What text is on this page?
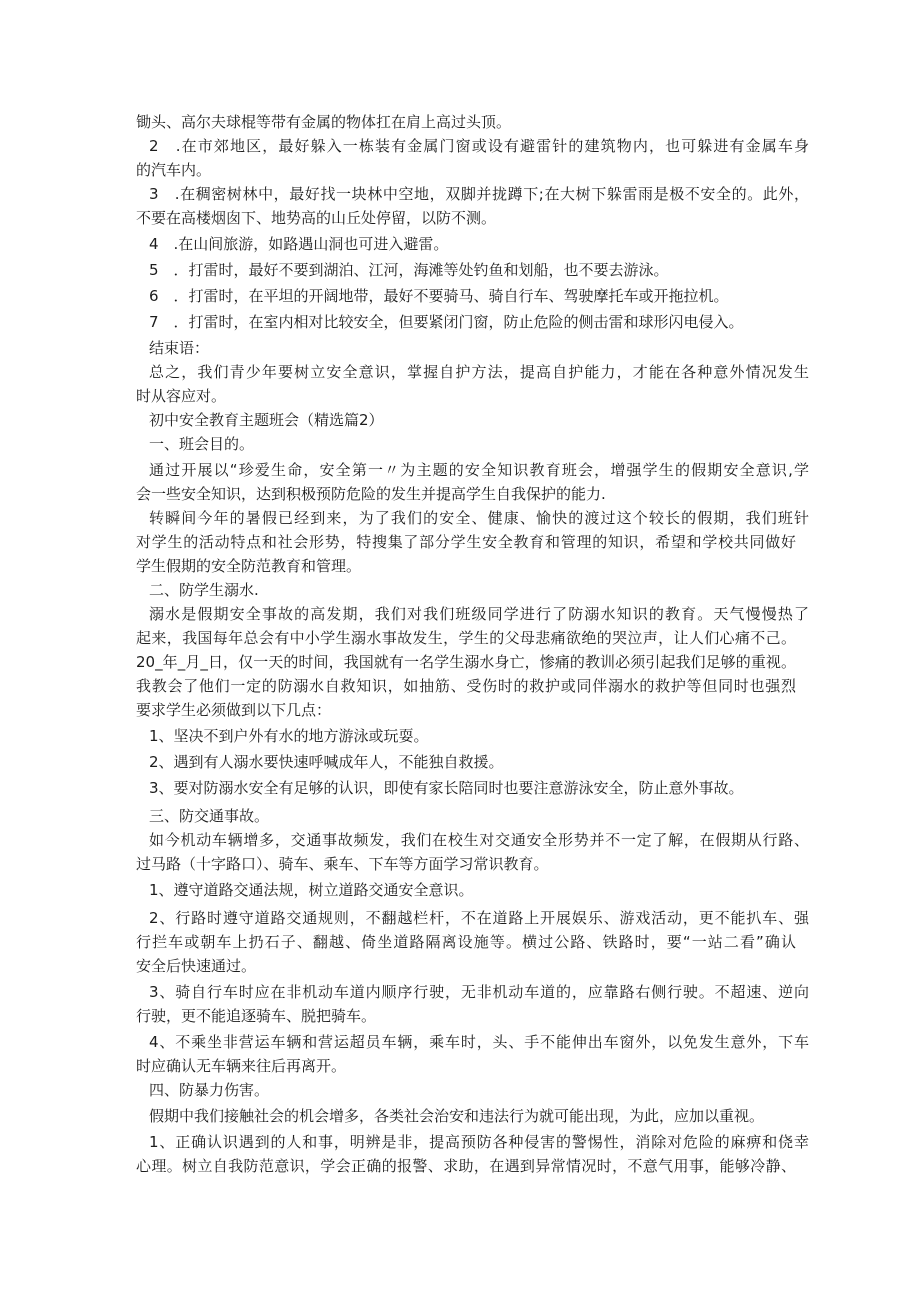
锄头、高尔夫球棍等带有金属的物体扛在肩上高过头顶。

2　.在市郊地区，最好躲入一栋装有金属门窗或设有避雷针的建筑物内，也可躲进有金属车身

的汽车内。

3　.在稠密树林中，最好找一块林中空地，双脚并拢蹲下;在大树下躲雷雨是极不安全的。此外，

不要在高楼烟囱下、地势高的山丘处停留，以防不测。

4　.在山间旅游，如路遇山洞也可进入避雷。

5　．打雷时，最好不要到湖泊、江河，海滩等处钓鱼和划船，也不要去游泳。

6　．打雷时，在平坦的开阔地带，最好不要骑马、骑自行车、驾驶摩托车或开拖拉机。

7　．打雷时，在室内相对比较安全，但要紧闭门窗，防止危险的侧击雷和球形闪电侵入。

结束语：

总之，我们青少年要树立安全意识，掌握自护方法，提高自护能力，才能在各种意外情况发生

时从容应对。

初中安全教育主题班会（精选篇2）

一、班会目的。

通过开展以“珍爱生命，安全第一〃为主题的安全知识教育班会，增强学生的假期安全意识,学

会一些安全知识，达到积极预防危险的发生并提高学生自我保护的能力.

转瞬间今年的暑假已经到来，为了我们的安全、健康、愉快的渡过这个较长的假期，我们班针

对学生的活动特点和社会形势，特搜集了部分学生安全教育和管理的知识，希望和学校共同做好

学生假期的安全防范教育和管理。

二、防学生溺水.

溺水是假期安全事故的高发期，我们对我们班级同学进行了防溺水知识的教育。天气慢慢热了

起来，我国每年总会有中小学生溺水事故发生，学生的父母悲痛欲绝的哭泣声，让人们心痛不己。

20_年_月_日，仅一天的时间，我国就有一名学生溺水身亡，惨痛的教训必须引起我们足够的重视。

我教会了他们一定的防溺水自救知识，如抽筋、受伤时的救护或同伴溺水的救护等但同时也强烈

要求学生必须做到以下几点：

1、坚决不到户外有水的地方游泳或玩耍。

2、遇到有人溺水要快速呼喊成年人，不能独自救援。

3、要对防溺水安全有足够的认识，即使有家长陪同时也要注意游泳安全，防止意外事故。

三、防交通事故。

如今机动车辆增多，交通事故频发，我们在校生对交通安全形势并不一定了解，在假期从行路、

过马路（十字路口）、骑车、乘车、下车等方面学习常识教育。

1、遵守道路交通法规，树立道路交通安全意识。

2、行路时遵守道路交通规则，不翻越栏杆，不在道路上开展娱乐、游戏活动，更不能扒车、强

行拦车或朝车上扔石子、翻越、倚坐道路隔离设施等。横过公路、铁路时，要“一站二看”确认

安全后快速通过。

3、骑自行车时应在非机动车道内顺序行驶，无非机动车道的，应靠路右侧行驶。不超速、逆向

行驶，更不能追逐骑车、脱把骑车。

4、不乘坐非营运车辆和营运超员车辆，乘车时，头、手不能伸出车窗外，以免发生意外，下车

时应确认无车辆来往后再离开。

四、防暴力伤害。

假期中我们接触社会的机会增多，各类社会治安和违法行为就可能出现，为此，应加以重视。

1、正确认识遇到的人和事，明辨是非，提高预防各种侵害的警惕性，消除对危险的麻痹和侥幸

心理。树立自我防范意识，学会正确的报警、求助，在遇到异常情况时，不意气用事，能够冷静、
